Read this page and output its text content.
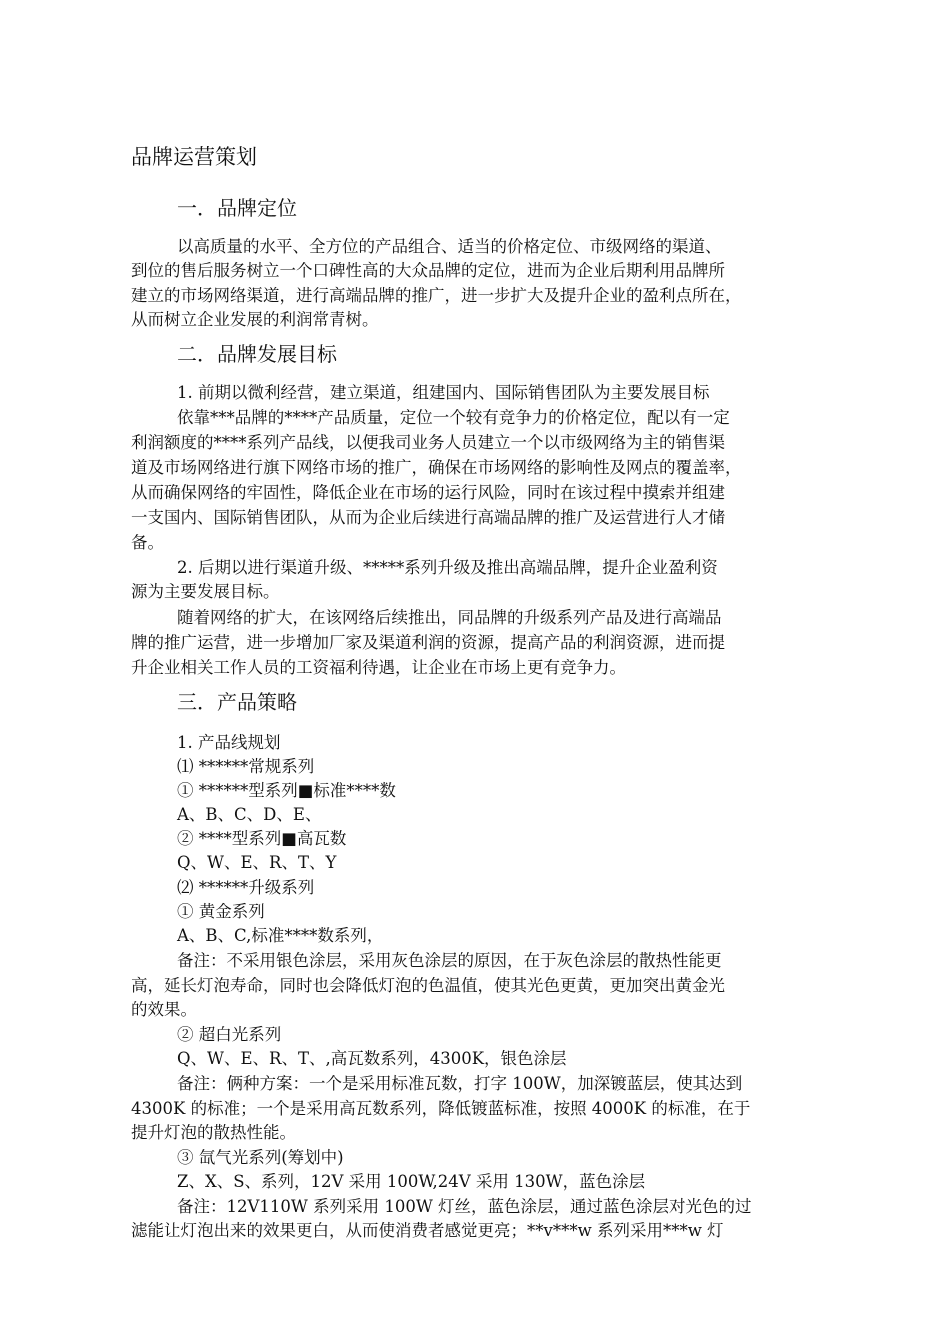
品牌运营策划
一．品牌定位
以高质量的水平、全方位的产品组合、适当的价格定位、市级网络的渠道、
到位的售后服务树立一个口碑性高的大众品牌的定位，进而为企业后期利用品牌所
建立的市场网络渠道，进行高端品牌的推广，进一步扩大及提升企业的盈利点所在，
从而树立企业发展的利润常青树。
二．品牌发展目标
1. 前期以微利经营，建立渠道，组建国内、国际销售团队为主要发展目标
依靠***品牌的****产品质量，定位一个较有竞争力的价格定位，配以有一定
利润额度的****系列产品线，以便我司业务人员建立一个以市级网络为主的销售渠
道及市场网络进行旗下网络市场的推广，确保在市场网络的影响性及网点的覆盖率，
从而确保网络的牢固性，降低企业在市场的运行风险，同时在该过程中摸索并组建
一支国内、国际销售团队，从而为企业后续进行高端品牌的推广及运营进行人才储
备。
2. 后期以进行渠道升级、*****系列升级及推出高端品牌，提升企业盈利资
源为主要发展目标。
随着网络的扩大，在该网络后续推出，同品牌的升级系列产品及进行高端品
牌的推广运营，进一步增加厂家及渠道利润的资源，提高产品的利润资源，进而提
升企业相关工作人员的工资福利待遇，让企业在市场上更有竞争力。
三．产品策略
1. 产品线规划
⑴ ******常规系列
① ******型系列■标准****数
A、B、C、D、E、
② ****型系列■高瓦数
Q、W、E、R、T、Y
⑵ ******升级系列
① 黄金系列
A、B、C,标准****数系列，
备注：不采用银色涂层，采用灰色涂层的原因，在于灰色涂层的散热性能更
高，延长灯泡寿命，同时也会降低灯泡的色温值，使其光色更黄，更加突出黄金光
的效果。
② 超白光系列
Q、W、E、R、T、,高瓦数系列，4300K，银色涂层
备注：俩种方案：一个是采用标准瓦数，打字 100W，加深镀蓝层，使其达到
4300K 的标准；一个是采用高瓦数系列，降低镀蓝标准，按照 4000K 的标准，在于
提升灯泡的散热性能。
③ 氙气光系列(筹划中)
Z、X、S、系列，12V 采用 100W,24V 采用 130W，蓝色涂层
备注：12V110W 系列采用 100W 灯丝，蓝色涂层，通过蓝色涂层对光色的过
滤能让灯泡出来的效果更白，从而使消费者感觉更亮；**v***w 系列采用***w 灯
